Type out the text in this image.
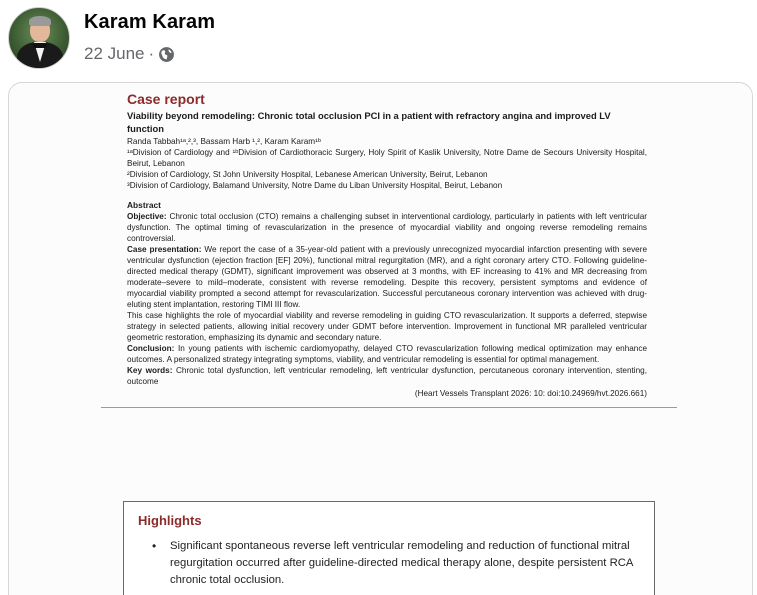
Karam Karam
22 June ·
Case report
Viability beyond remodeling: Chronic total occlusion PCI in a patient with refractory angina and improved LV function
Randa Tabbah¹ᵃ,²,³, Bassam Harb ¹,², Karam Karam¹ᵇ
¹ᵃDivision of Cardiology and ¹ᵇDivision of Cardiothoracic Surgery, Holy Spirit of Kaslik University, Notre Dame de Secours University Hospital, Beirut, Lebanon
²Division of Cardiology, St John University Hospital, Lebanese American University, Beirut, Lebanon
³Division of Cardiology, Balamand University, Notre Dame du Liban University Hospital, Beirut, Lebanon
Abstract
Objective: Chronic total occlusion (CTO) remains a challenging subset in interventional cardiology, particularly in patients with left ventricular dysfunction. The optimal timing of revascularization in the presence of myocardial viability and ongoing reverse remodeling remains controversial.
Case presentation: We report the case of a 35-year-old patient with a previously unrecognized myocardial infarction presenting with severe ventricular dysfunction (ejection fraction [EF] 20%), functional mitral regurgitation (MR), and a right coronary artery CTO. Following guideline-directed medical therapy (GDMT), significant improvement was observed at 3 months, with EF increasing to 41% and MR decreasing from moderate–severe to mild–moderate, consistent with reverse remodeling. Despite this recovery, persistent symptoms and evidence of myocardial viability prompted a second attempt for revascularization. Successful percutaneous coronary intervention was achieved with drug-eluting stent implantation, restoring TIMI III flow.
This case highlights the role of myocardial viability and reverse remodeling in guiding CTO revascularization. It supports a deferred, stepwise strategy in selected patients, allowing initial recovery under GDMT before intervention. Improvement in functional MR paralleled ventricular geometric restoration, emphasizing its dynamic and secondary nature.
Conclusion: In young patients with ischemic cardiomyopathy, delayed CTO revascularization following medical optimization may enhance outcomes. A personalized strategy integrating symptoms, viability, and ventricular remodeling is essential for optimal management.
Key words: Chronic total dysfunction, left ventricular remodeling, left ventricular dysfunction, percutaneous coronary intervention, stenting, outcome
(Heart Vessels Transplant 2026: 10: doi:10.24969/hvt.2026.661)
Highlights
• Significant spontaneous reverse left ventricular remodeling and reduction of functional mitral regurgitation occurred after guideline-directed medical therapy alone, despite persistent RCA chronic total occlusion.
